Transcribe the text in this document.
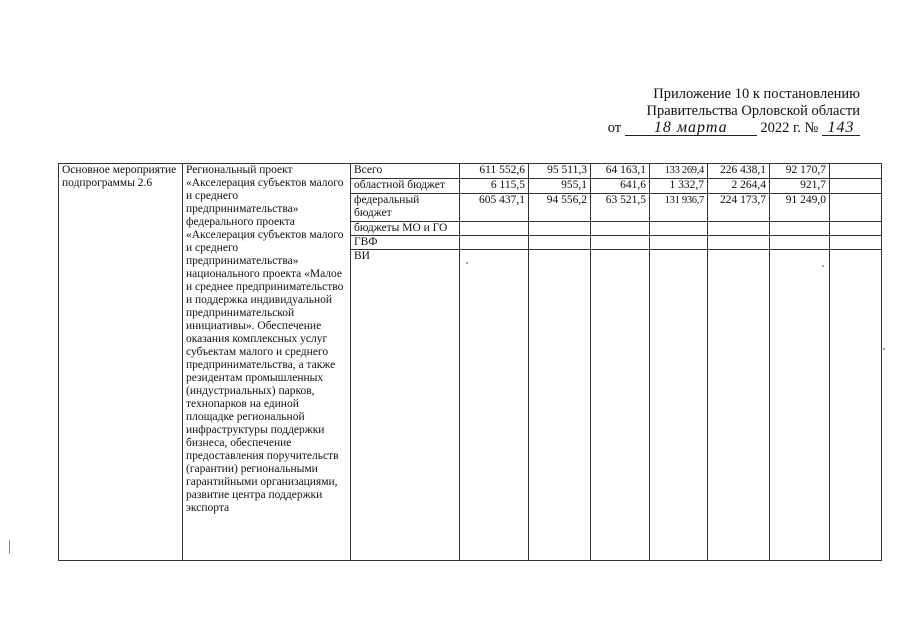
Приложение 10 к постановлению
Правительства Орловской области
от 18 марта 2022 г. № 143
Основное мероприятие подпрограммы 2.6	Региональный проект «Акселерация субъектов малого и среднего предпринимательства» федерального проекта «Акселерация субъектов малого и среднего предпринимательства» национального проекта «Малое и среднее предпринимательство и поддержка индивидуальной предпринимательской инициативы». Обеспечение оказания комплексных услуг субъектам малого и среднего предпринимательства, а также резидентам промышленных (индустриальных) парков, технопарков на единой площадке региональной инфраструктуры поддержки бизнеса, обеспечение предоставления поручительств (гарантии) региональными гарантийными организациями, развитие центра поддержки экспорта	Всего	611 552,6	95 511,3	64 163,1	133 269,4	226 438,1	92 170,7	
		областной бюджет	6 115,5	955,1	641,6	1 332,7	2 264,4	921,7	
		федеральный бюджет	605 437,1	94 556,2	63 521,5	131 936,7	224 173,7	91 249,0	
		бюджеты МО и ГО							
		ГВФ							
		ВИ							
